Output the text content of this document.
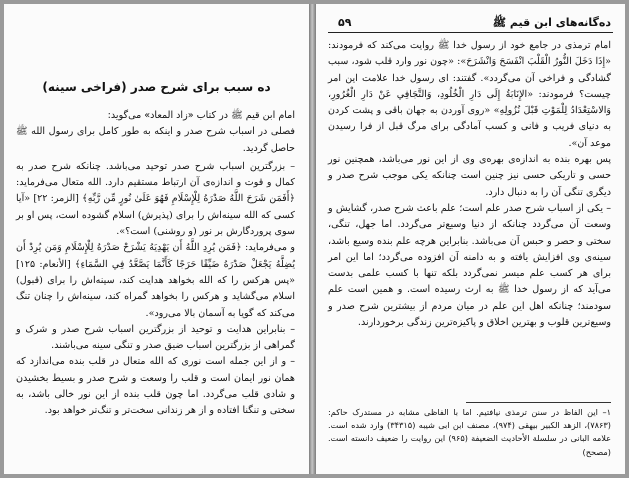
ده سبب برای شرح صدر (فراخی سینه)

امام ابن قیم ﷺ در کتاب «زاد المعاد» می‌گوید:

فصلی در اسباب شرح صدر و اینکه به طور کامل برای رسول الله ﷺ حاصل گردید.

– بزرگترین اسباب شرح صدر توحید می‌باشد. چنانکه شرح صدر به کمال و قوت و اندازه‌ی آن ارتباط مستقیم دارد. الله متعال می‌فرماید: ﴿أَفَمَن شَرَحَ اللَّهُ صَدْرَهُ لِلْإِسْلَامِ فَهُوَ عَلَىٰ نُورٍ مِّن رَّبِّهِ﴾ [الزمر: ۲۲] «آیا کسی که الله سینه‌اش را برای (پذیرش) اسلام گشوده است، پس او بر سوی پروردگارش بر نور (و روشنی) است؟».

و می‌فرماید: ﴿فَمَن يُرِدِ اللَّهُ أَن يَهْدِيَهُ يَشْرَحْ صَدْرَهُ لِلْإِسْلَامِ وَمَن يُرِدْ أَن يُضِلَّهُ يَجْعَلْ صَدْرَهُ ضَيِّقًا حَرَجًا كَأَنَّمَا يَصَّعَّدُ فِي السَّمَاءِ﴾ [الأنعام: ۱۲۵] «پس هرکس را که الله بخواهد هدایت کند، سینه‌اش را برای (قبول) اسلام می‌گشاید و هرکس را بخواهد گمراه کند، سینه‌اش را چنان تنگ می‌کند که گویا به آسمان بالا می‌رود».

– بنابراین هدایت و توحید از بزرگترین اسباب شرح صدر و شرک و گمراهی از بزرگترین اسباب ضیق صدر و تنگی سینه می‌باشند.

– و از این جمله است نوری که الله متعال در قلب بنده می‌اندازد که همان نور ایمان است و قلب را وسعت و شرح صدر و بسیط بخشیدن و شادی قلب می‌گردد. اما چون قلب بنده از این نور خالی باشد، به سختی و تنگنا افتاده و از هر زندانی سخت‌تر و تنگ‌تر خواهد بود.

ده‌گانه‌های ابن قیم ﷺ
۵۹

امام ترمذی در جامع خود از رسول خدا ﷺ روایت می‌کند که فرمودند: «إِذَا دَخَلَ النُّورُ الْقَلْبَ انْفَسَحَ وَانْشَرَحَ»: «چون نور وارد قلب شود، سبب گشادگی و فراخی آن می‌گردد». گفتند: ای رسول خدا علامت این امر چیست؟ فرمودند: «الإِنَابَةُ إِلَى دَارِ الْخُلُودِ، وَالتَّجَافِي عَنْ دَارِ الْغُرُورِ، وَالاسْتِعْدَادُ لِلْمَوْتِ قَبْلَ نُزُولِهِ» «روی آوردن به جهان باقی و پشت کردن به دنیای فریب و فانی و کسب آمادگی برای مرگ قبل از فرا رسیدن موعد آن».

پس بهره بنده به اندازه‌ی بهره‌ی وی از این نور می‌باشد، همچنین نور حسی و تاریکی حسی نیز چنین است چنانکه یکی موجب شرح صدر و دیگری تنگی آن را به دنبال دارد.

– یکی از اسباب شرح صدر علم است؛ علم باعث شرح صدر، گشایش و وسعت آن می‌گردد چنانکه از دنیا وسیع‌تر می‌گردد. اما جهل، تنگی، سختی و حصر و حبس آن می‌باشد. بنابراین هرچه علم بنده وسیع باشد، سینه‌ی وی افزایش یافته و به دامنه آن افزوده می‌گردد؛ اما این امر برای هر کسب علم میسر نمی‌گردد بلکه تنها با کسب علمی بدست می‌آید که از رسول خدا ﷺ به ارث رسیده است. و همین است علم سودمند؛ چنانکه اهل این علم در میان مردم از بیشترین شرح صدر و وسیع‌ترین قلوب و بهترین اخلاق و پاکیزه‌ترین زندگی برخوردارند.

۱– این الفاظ در سنن ترمذی نیافتیم. اما با الفاظی مشابه در مستدرک حاکم: (۷۸۶۳)، الزهد الکبیر بیهقی (۹۷۴)، مصنف ابن ابی شیبه (۳۴۳۱۵) وارد شده است. علامه البانی در سلسلة الأحادیث الضعیفة (۹۶۵) این روایت را ضعیف دانسته است. (مصحح)
